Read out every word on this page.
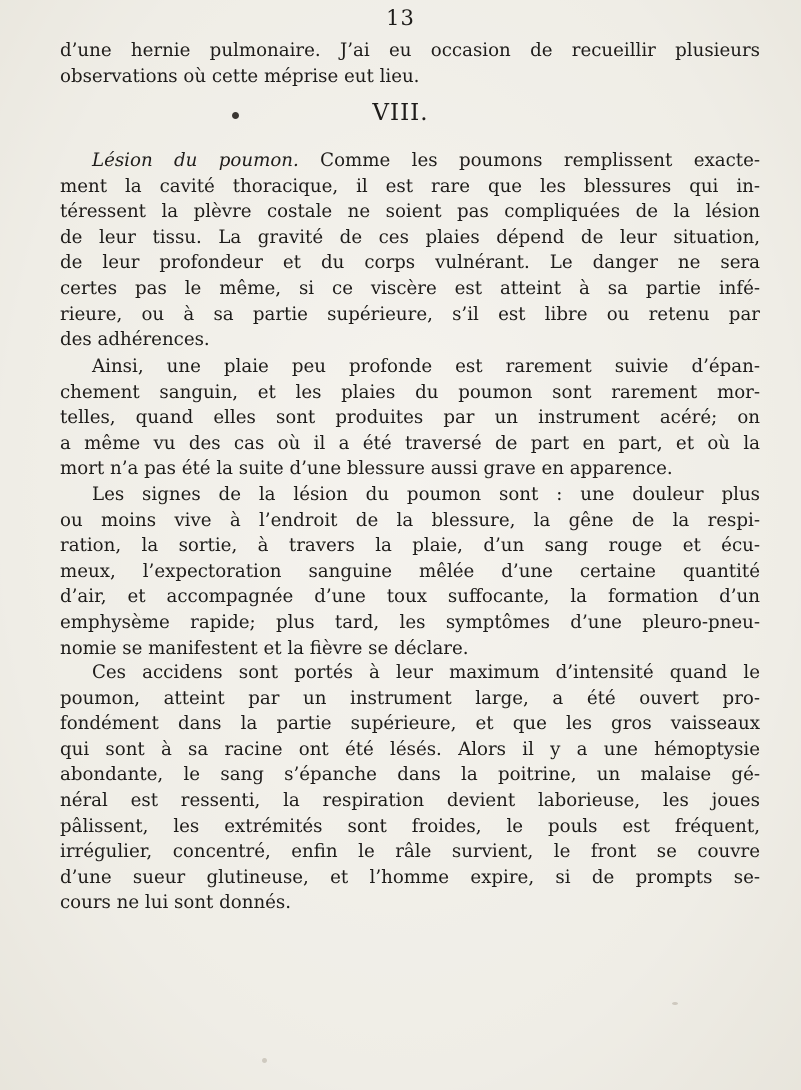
13
d’une hernie pulmonaire. J’ai eu occasion de recueillir plusieurs
observations où cette méprise eut lieu.
VIII.
Lésion du poumon. Comme les poumons remplissent exacte-
ment la cavité thoracique, il est rare que les blessures qui in-
téressent la plèvre costale ne soient pas compliquées de la lésion
de leur tissu. La gravité de ces plaies dépend de leur situation,
de leur profondeur et du corps vulnérant. Le danger ne sera
certes pas le même, si ce viscère est atteint à sa partie infé-
rieure, ou à sa partie supérieure, s’il est libre ou retenu par
des adhérences.
Ainsi, une plaie peu profonde est rarement suivie d’épan-
chement sanguin, et les plaies du poumon sont rarement mor-
telles, quand elles sont produites par un instrument acéré; on
a même vu des cas où il a été traversé de part en part, et où la
mort n’a pas été la suite d’une blessure aussi grave en apparence.
Les signes de la lésion du poumon sont : une douleur plus
ou moins vive à l’endroit de la blessure, la gêne de la respi-
ration, la sortie, à travers la plaie, d’un sang rouge et écu-
meux, l’expectoration sanguine mêlée d’une certaine quantité
d’air, et accompagnée d’une toux suffocante, la formation d’un
emphysème rapide; plus tard, les symptômes d’une pleuro-pneu-
nomie se manifestent et la fièvre se déclare.
Ces accidens sont portés à leur maximum d’intensité quand le
poumon, atteint par un instrument large, a été ouvert pro-
fondément dans la partie supérieure, et que les gros vaisseaux
qui sont à sa racine ont été lésés. Alors il y a une hémoptysie
abondante, le sang s’épanche dans la poitrine, un malaise gé-
néral est ressenti, la respiration devient laborieuse, les joues
pâlissent, les extrémités sont froides, le pouls est fréquent,
irrégulier, concentré, enfin le râle survient, le front se couvre
d’une sueur glutineuse, et l’homme expire, si de prompts se-
cours ne lui sont donnés.
